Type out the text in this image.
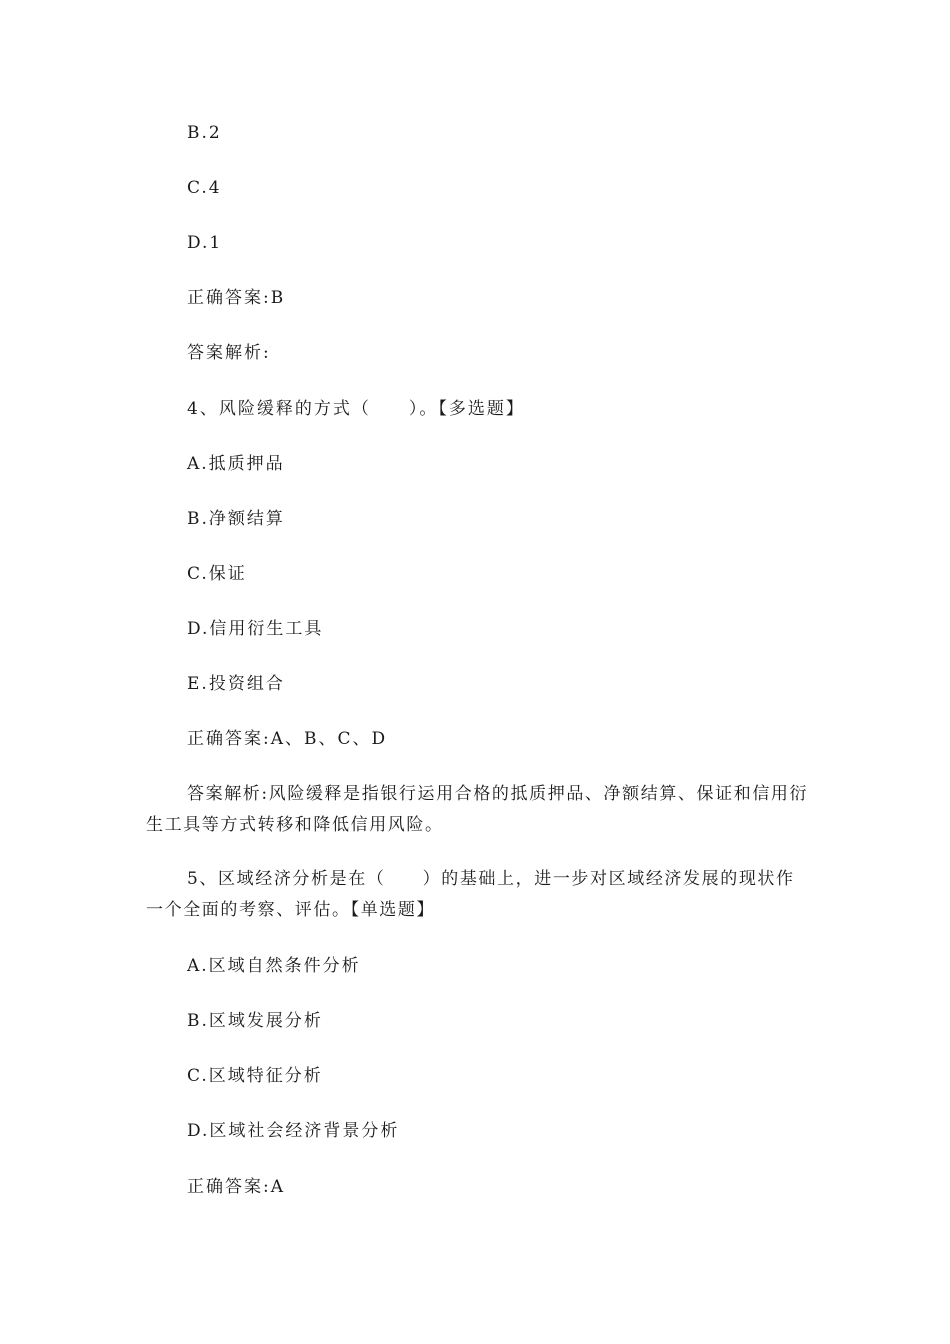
B.2
C.4
D.1
正确答案:B
答案解析:
4、风险缓释的方式（　　）。【多选题】
A.抵质押品
B.净额结算
C.保证
D.信用衍生工具
E.投资组合
正确答案:A、B、C、D
答案解析:风险缓释是指银行运用合格的抵质押品、净额结算、保证和信用衍生工具等方式转移和降低信用风险。
5、区域经济分析是在（　　）的基础上，进一步对区域经济发展的现状作一个全面的考察、评估。【单选题】
A.区域自然条件分析
B.区域发展分析
C.区域特征分析
D.区域社会经济背景分析
正确答案:A
